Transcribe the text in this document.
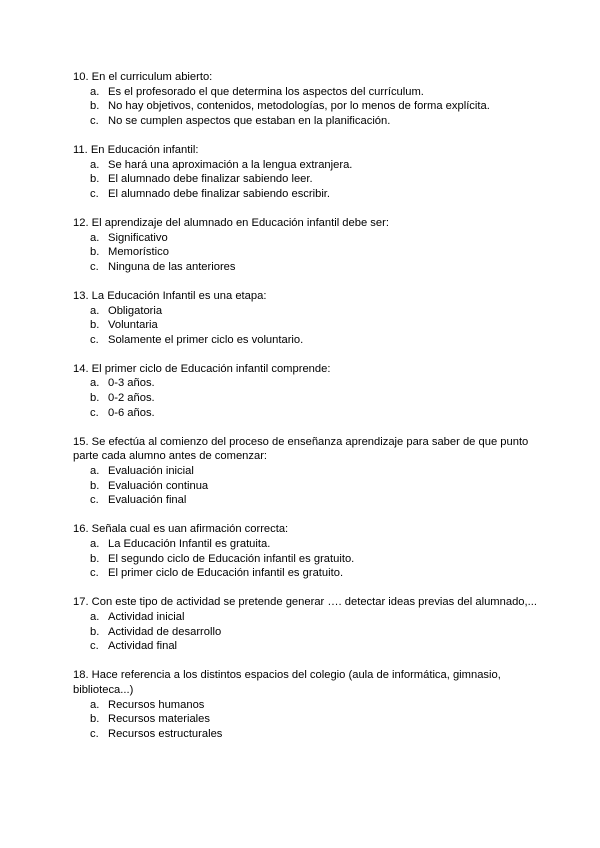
10. En el curriculum abierto:
a. Es el profesorado el que determina los aspectos del currículum.
b. No hay objetivos, contenidos, metodologías, por lo menos de forma explícita.
c. No se cumplen aspectos que estaban en la planificación.
11. En Educación infantil:
a. Se hará una aproximación a la lengua extranjera.
b. El alumnado debe finalizar sabiendo leer.
c. El alumnado debe finalizar sabiendo escribir.
12. El aprendizaje del alumnado en Educación infantil debe ser:
a. Significativo
b. Memorístico
c. Ninguna de las anteriores
13. La Educación Infantil es una etapa:
a. Obligatoria
b. Voluntaria
c. Solamente el primer ciclo es voluntario.
14. El primer ciclo de Educación infantil comprende:
a. 0-3 años.
b. 0-2 años.
c. 0-6 años.
15. Se efectúa al comienzo del proceso de enseñanza aprendizaje para saber de que punto parte cada alumno antes de comenzar:
a. Evaluación inicial
b. Evaluación continua
c. Evaluación final
16. Señala cual es uan afirmación correcta:
a. La Educación Infantil es gratuita.
b. El segundo ciclo de Educación infantil es gratuito.
c. El primer ciclo de Educación infantil es gratuito.
17. Con este tipo de actividad se pretende generar …. detectar ideas previas del alumnado,...
a. Actividad inicial
b. Actividad de desarrollo
c. Actividad final
18. Hace referencia a los distintos espacios del colegio (aula de informática, gimnasio, biblioteca...)
a. Recursos humanos
b. Recursos materiales
c. Recursos estructurales
